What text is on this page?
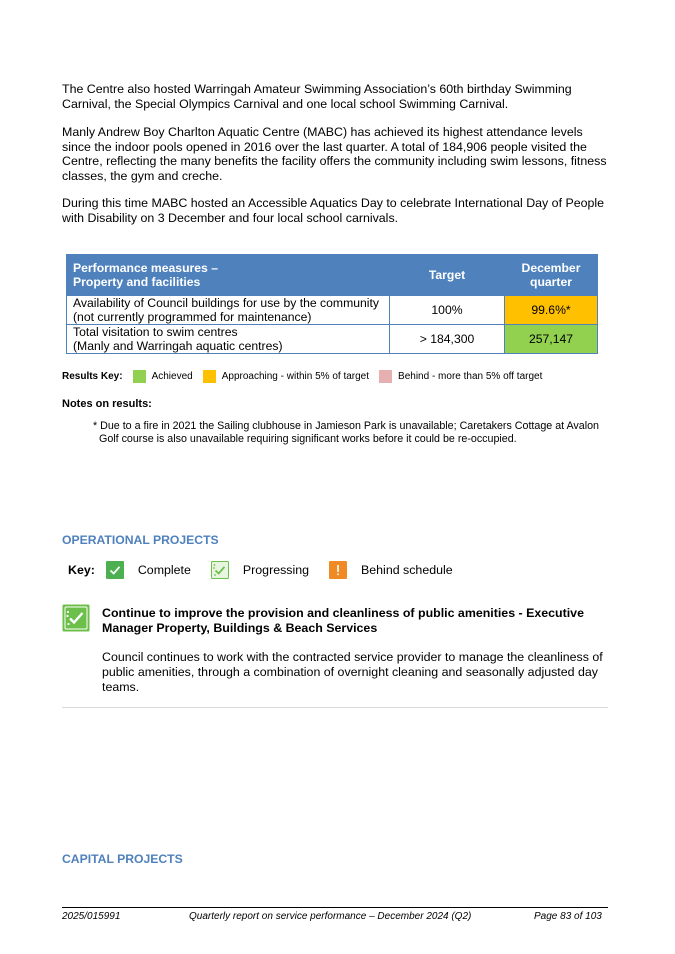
The Centre also hosted Warringah Amateur Swimming Association’s 60th birthday Swimming Carnival, the Special Olympics Carnival and one local school Swimming Carnival.
Manly Andrew Boy Charlton Aquatic Centre (MABC) has achieved its highest attendance levels since the indoor pools opened in 2016 over the last quarter. A total of 184,906 people visited the Centre, reflecting the many benefits the facility offers the community including swim lessons, fitness classes, the gym and creche.
During this time MABC hosted an Accessible Aquatics Day to celebrate International Day of People with Disability on 3 December and four local school carnivals.
Performance measures –
Property and facilities	Target	December
quarter
Availability of Council buildings for use by the community
(not currently programmed for maintenance)	100%	99.6%*
Total visitation to swim centres
(Manly and Warringah aquatic centres)	> 184,300	257,147
Results Key:	Achieved	Approaching - within 5% of target	Behind - more than 5% off target
Notes on results:
* Due to a fire in 2021 the Sailing clubhouse in Jamieson Park is unavailable; Caretakers Cottage at Avalon Golf course is also unavailable requiring significant works before it could be re-occupied.
OPERATIONAL PROJECTS
Key:	Complete	Progressing	Behind schedule
Continue to improve the provision and cleanliness of public amenities - Executive Manager Property, Buildings & Beach Services
Council continues to work with the contracted service provider to manage the cleanliness of public amenities, through a combination of overnight cleaning and seasonally adjusted day teams.
CAPITAL PROJECTS
2025/015991	Quarterly report on service performance – December 2024 (Q2)	Page 83 of 103
